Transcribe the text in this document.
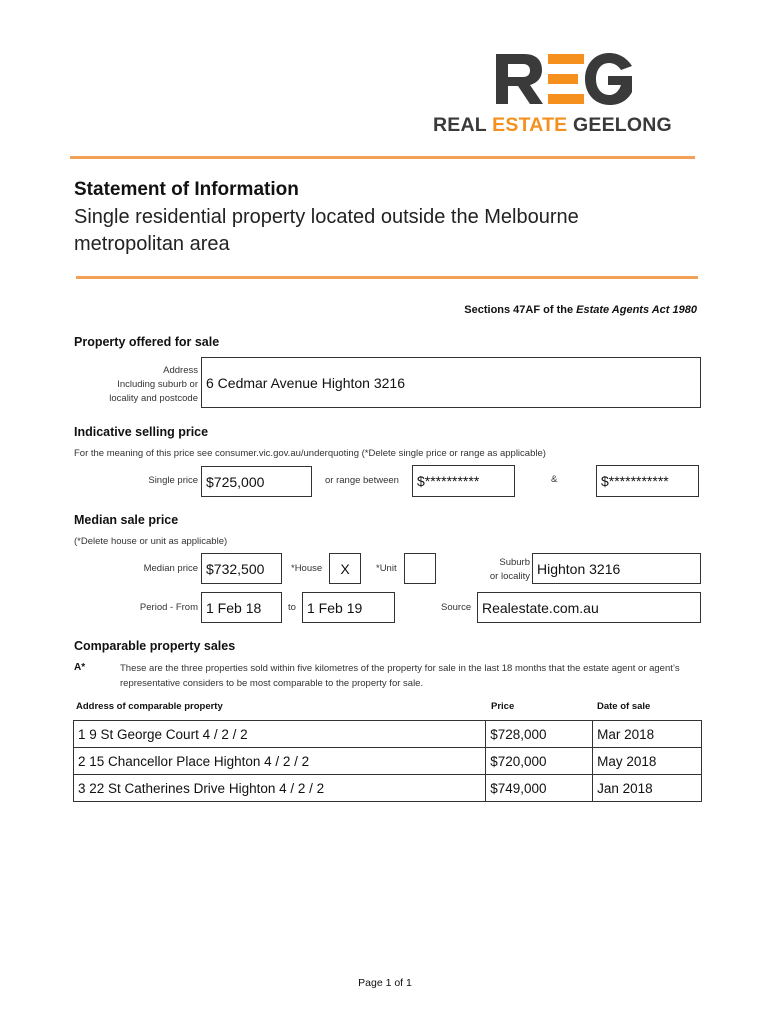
REAL ESTATE GEELONG
Statement of Information
Single residential property located outside the Melbourne metropolitan area
Sections 47AF of the Estate Agents Act 1980
Property offered for sale
Address
Including suburb or
locality and postcode
6 Cedmar Avenue Highton 3216
Indicative selling price
For the meaning of this price see consumer.vic.gov.au/underquoting (*Delete single price or range as applicable)
Single price $725,000	or range between	$**********	&	$***********
Median sale price
(*Delete house or unit as applicable)
Median price $732,500	*House	X	*Unit
Suburb
or locality Highton 3216
Period - From 1 Feb 18	to 1 Feb 19	Source Realestate.com.au
Comparable property sales
A*	These are the three properties sold within five kilometres of the property for sale in the last 18 months that the estate agent or agent’s representative considers to be most comparable to the property for sale.
Address of comparable property	Price	Date of sale
1 9 St George Court 4 / 2 / 2	$728,000	Mar 2018
2 15 Chancellor Place Highton 4 / 2 / 2	$720,000	May 2018
3 22 St Catherines Drive Highton 4 / 2 / 2	$749,000	Jan 2018
Page 1 of 1
